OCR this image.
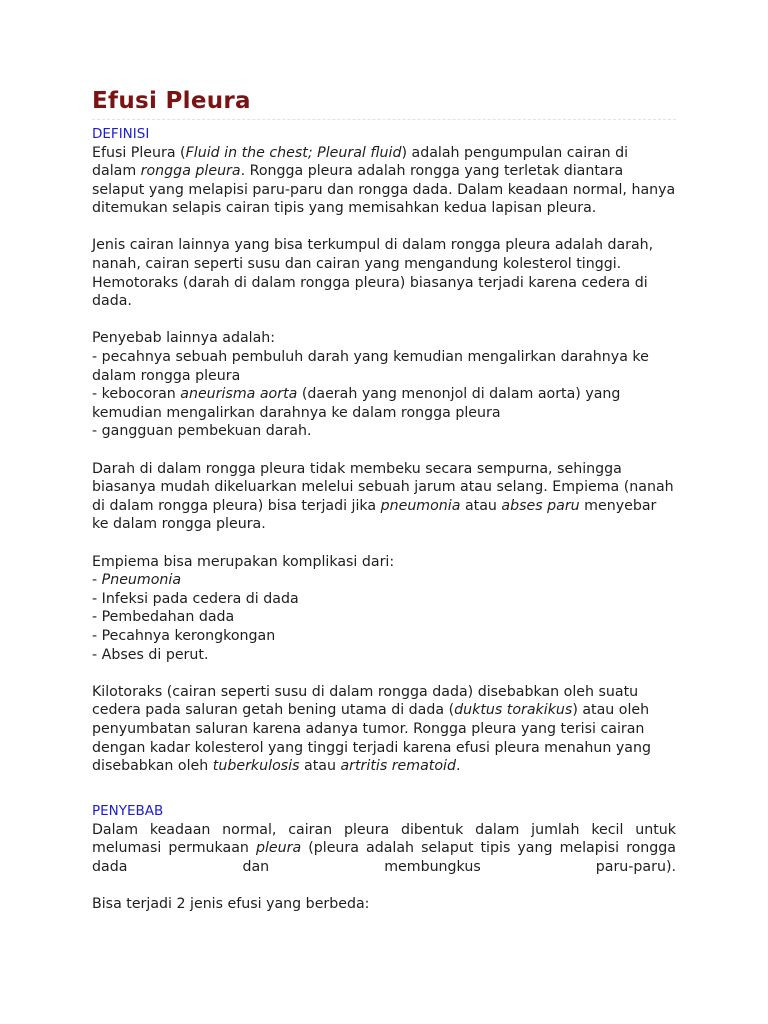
Efusi Pleura
DEFINISI

Efusi Pleura (Fluid in the chest; Pleural fluid) adalah pengumpulan cairan di dalam rongga pleura. Rongga pleura adalah rongga yang terletak diantara selaput yang melapisi paru-paru dan rongga dada. Dalam keadaan normal, hanya ditemukan selapis cairan tipis yang memisahkan kedua lapisan pleura.

Jenis cairan lainnya yang bisa terkumpul di dalam rongga pleura adalah darah, nanah, cairan seperti susu dan cairan yang mengandung kolesterol tinggi. Hemotoraks (darah di dalam rongga pleura) biasanya terjadi karena cedera di dada.

Penyebab lainnya adalah:
- pecahnya sebuah pembuluh darah yang kemudian mengalirkan darahnya ke dalam rongga pleura
- kebocoran aneurisma aorta (daerah yang menonjol di dalam aorta) yang kemudian mengalirkan darahnya ke dalam rongga pleura
- gangguan pembekuan darah.

Darah di dalam rongga pleura tidak membeku secara sempurna, sehingga biasanya mudah dikeluarkan melelui sebuah jarum atau selang. Empiema (nanah di dalam rongga pleura) bisa terjadi jika pneumonia atau abses paru menyebar ke dalam rongga pleura.

Empiema bisa merupakan komplikasi dari:
- Pneumonia
- Infeksi pada cedera di dada
- Pembedahan dada
- Pecahnya kerongkongan
- Abses di perut.

Kilotoraks (cairan seperti susu di dalam rongga dada) disebabkan oleh suatu cedera pada saluran getah bening utama di dada (duktus torakikus) atau oleh penyumbatan saluran karena adanya tumor. Rongga pleura yang terisi cairan dengan kadar kolesterol yang tinggi terjadi karena efusi pleura menahun yang disebabkan oleh tuberkulosis atau artritis rematoid.

PENYEBAB

Dalam keadaan normal, cairan pleura dibentuk dalam jumlah kecil untuk melumasi permukaan pleura (pleura adalah selaput tipis yang melapisi rongga dada dan membungkus paru-paru).

Bisa terjadi 2 jenis efusi yang berbeda:
